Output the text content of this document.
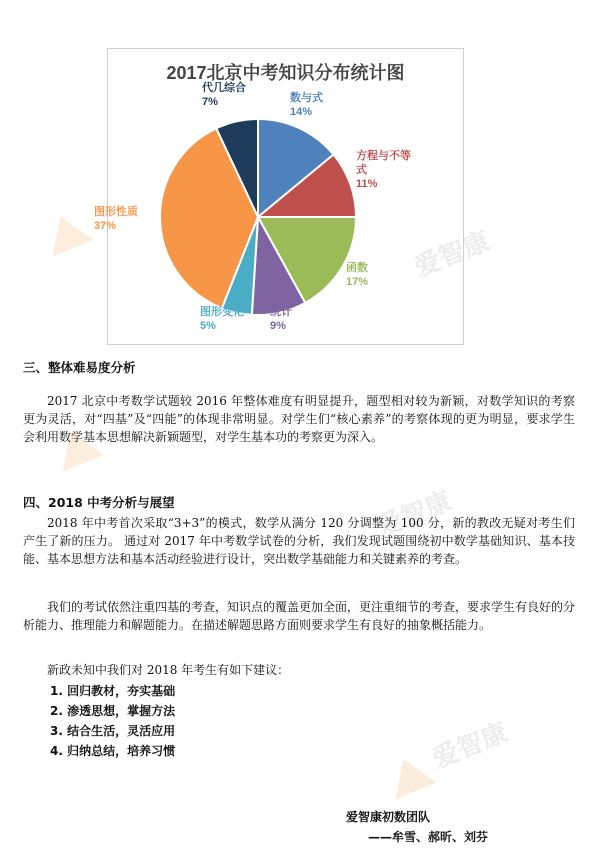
2017北京中考知识分布统计图
数与式
14%
方程与不等
式
11%
函数
17%
统计
9%
图形变化
5%
图形性质
37%
代几综合
7%
爱智康
爱智康
三、整体难易度分析
2017 北京中考数学试题较 2016 年整体难度有明显提升，题型相对较为新颖，对数学知识的考察更为灵活，对“四基”及“四能”的体现非常明显。对学生们“核心素养”的考察体现的更为明显，要求学生会利用数学基本思想解决新颖题型，对学生基本功的考察更为深入。
四、2018 中考分析与展望
2018 年中考首次采取“3+3”的模式，数学从满分 120 分调整为 100 分，新的教改无疑对考生们产生了新的压力。 通过对 2017 年中考数学试卷的分析，我们发现试题围绕初中数学基础知识、基本技能、基本思想方法和基本活动经验进行设计，突出数学基础能力和关键素养的考查。
我们的考试依然注重四基的考查，知识点的覆盖更加全面，更注重细节的考查，要求学生有良好的分析能力、推理能力和解题能力。在描述解题思路方面则要求学生有良好的抽象概括能力。
新政未知中我们对 2018 年考生有如下建议：
1. 回归教材，夯实基础
2. 渗透思想，掌握方法
3. 结合生活，灵活应用
4. 归纳总结，培养习惯
爱智康初数团队
——牟雪、郝昕、刘芬
